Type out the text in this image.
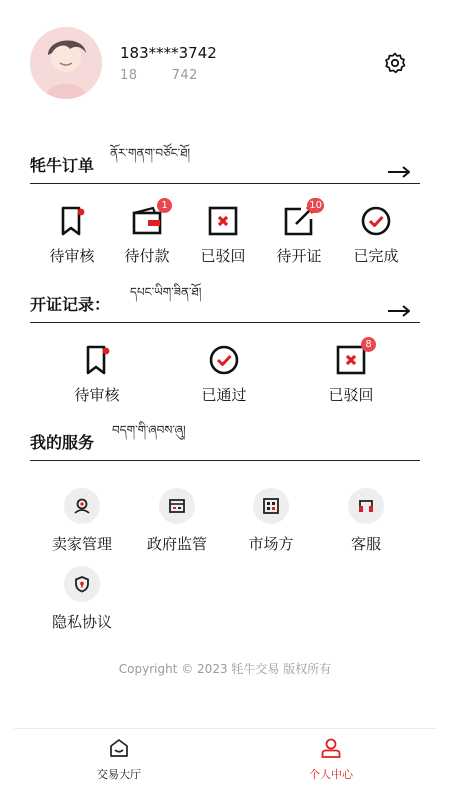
183****3742
18           742
牦牛订单
ནོར་གནག་བཙོང་ཐོ།
待审核
1
待付款	已驳回
10
待开证	已完成
开证记录：
དཔང་ཡིག་ཟིན་ཐོ།
待审核	已通过
8
已驳回
我的服务
བདག་གི་ཞབས་ཞུ།
卖家管理	政府监管	市场方	客服
隐私协议
Copyright © 2023 牦牛交易 版权所有
交易大厅	个人中心
